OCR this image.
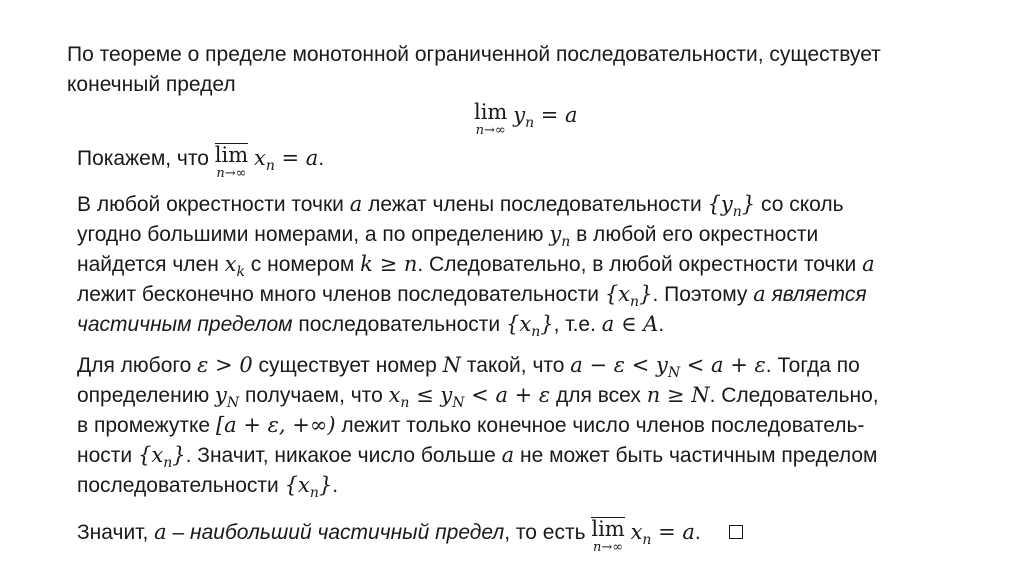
По теореме о пределе монотонной ограниченной последовательности, существует
конечный предел
lim
n→∞
$y_n = a$
Покажем, что lim
n→∞
$x_n = a$.
В любой окрестности точки a лежат члены последовательности $\{y_n\}$ со сколь
угодно большими номерами, а по определению $y_n$ в любой его окрестности
найдется член $x_k$ с номером k ≥ n. Следовательно, в любой окрестности точки a
лежит бесконечно много членов последовательности $\{x_n\}$. Поэтому a является
частичным пределом последовательности $\{x_n\}$, т.е. a ∈ A.
Для любого ε > 0 существует номер N такой, что $a - \varepsilon < y_N < a + \varepsilon$. Тогда по
определению $y_N$ получаем, что $x_n \le y_N < a + \varepsilon$ для всех n ≥ N. Следовательно,
в промежутке [a + ε, +∞) лежит только конечное число членов последователь-
ности $\{x_n\}$. Значит, никакое число больше a не может быть частичным пределом
последовательности $\{x_n\}$.
Значит, a – наибольший частичный предел, то есть lim
n→∞
$x_n = a$.
